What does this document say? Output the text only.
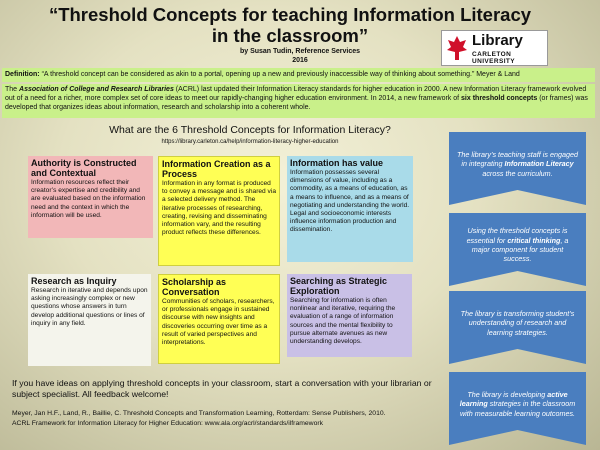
“Threshold Concepts for teaching Information Literacy in the classroom”
by Susan Tudin, Reference Services
2016
Library
CARLETON UNIVERSITY
Definition: “A threshold concept can be considered as akin to a portal, opening up a new and previously inaccessible way of thinking about something.” Meyer & Land
The Association of College and Research Libraries (ACRL) last updated their Information Literacy standards for higher education in 2000. A new Information Literacy framework evolved out of a need for a richer, more complex set of core ideas to meet our rapidly-changing higher education environment. In 2014, a new framework of six threshold concepts (or frames) was developed that organizes ideas about information, research and scholarship into a coherent whole.
What are the 6 Threshold Concepts for Information Literacy?
https://library.carleton.ca/help/information-literacy-higher-education
Authority is Constructed and Contextual
Information resources reflect their creator’s expertise and credibility and are evaluated based on the information need and the context in which the information will be used.
Information Creation as a Process
Information in any format is produced to convey a message and is shared via a selected delivery method. The iterative processes of researching, creating, revising and disseminating information vary, and the resulting product reflects these differences.
Information has value
Information possesses several dimensions of value, including as a commodity, as a means of education, as a means to influence, and as a means of negotiating and understanding the world. Legal and socioeconomic interests influence information production and dissemination.
Research as Inquiry
Research in iterative and depends upon asking increasingly complex or new questions whose answers in turn develop additional questions or lines of inquiry in any field.
Scholarship as Conversation
Communities of scholars, researchers, or professionals engage in sustained discourse with new insights and discoveries occurring over time as a result of varied perspectives and interpretations.
Searching as Strategic Exploration
Searching for information is often nonlinear and iterative, requiring the evaluation of a range of information sources and the mental flexibility to pursue alternate avenues as new understanding develops.
The library’s teaching staff is engaged in integrating Information Literacy across the curriculum.
Using the threshold concepts is essential for critical thinking, a major component for student success.
The library is transforming student’s understanding of research and learning strategies.
The library is developing active learning strategies in the classroom with measurable learning outcomes.
If you have ideas on applying threshold concepts in your classroom, start a conversation with your librarian or subject specialist. All feedback welcome!
Meyer, Jan H.F., Land, R., Baillie, C. Threshold Concepts and Transformation Learning, Rotterdam: Sense Publishers, 2010.
ACRL Framework for Information Literacy for Higher Education: www.ala.org/acrl/standards/ilframework
